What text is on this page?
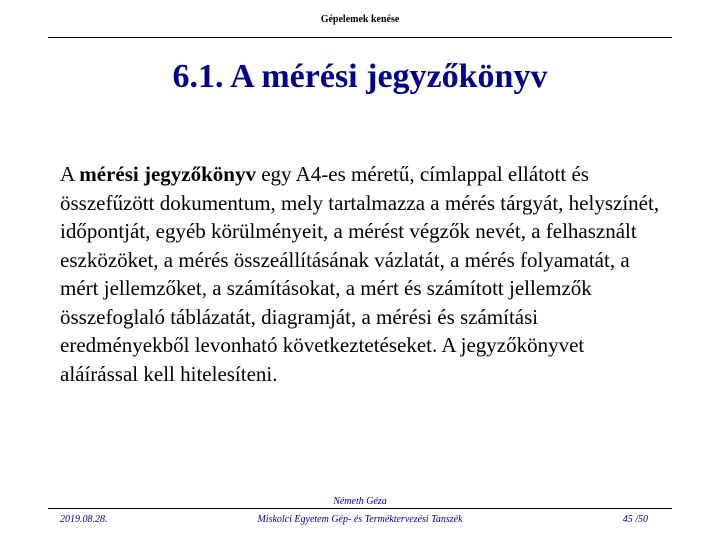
Gépelemek kenése
6.1. A mérési jegyzőkönyv

A mérési jegyzőkönyv egy A4-es méretű, címlappal ellátott és összefűzött dokumentum, mely tartalmazza a mérés tárgyát, helyszínét, időpontját, egyéb körülményeit, a mérést végzők nevét, a felhasznált eszközöket, a mérés összeállításának vázlatát, a mérés folyamatát, a mért jellemzőket, a számításokat, a mért és számított jellemzők összefoglaló táblázatát, diagramját, a mérési és számítási eredményekből levonható következtetéseket. A jegyzőkönyvet aláírással kell hitelesíteni.

Németh Géza
2019.08.28.	Miskolci Egyetem Gép- és Terméktervezési Tanszék	45 /50
